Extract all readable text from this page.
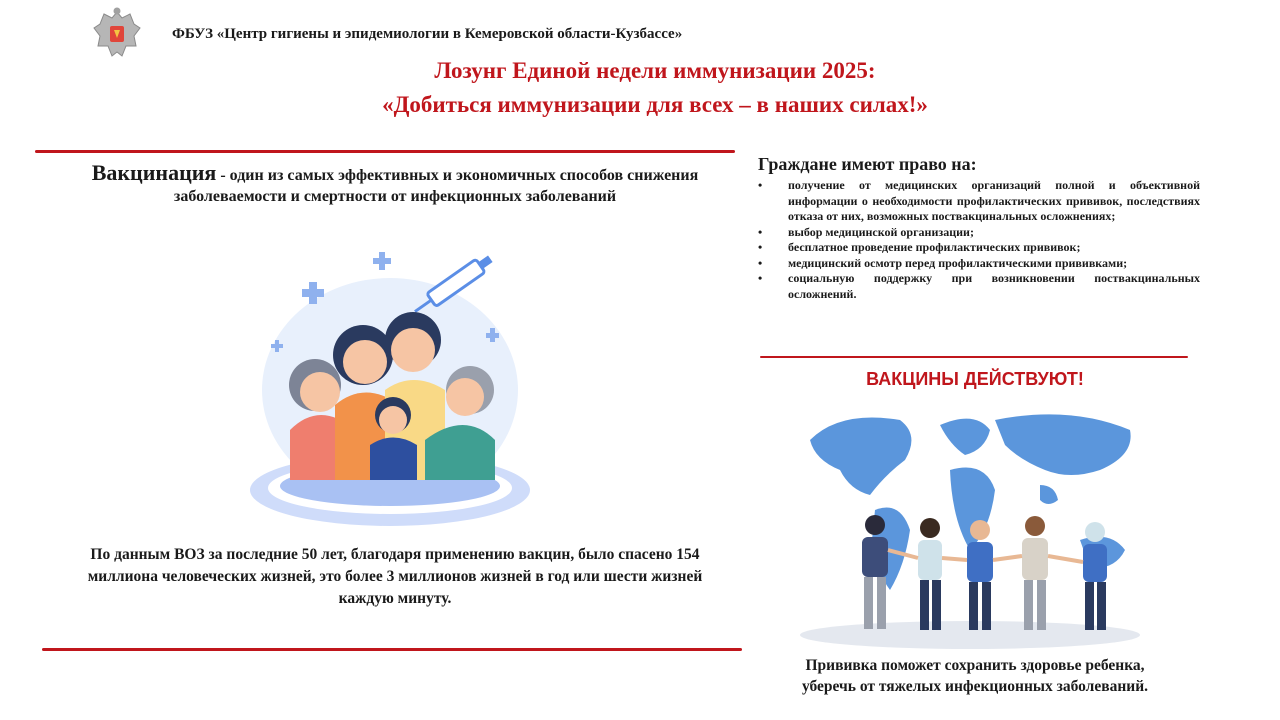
ФБУЗ «Центр гигиены и эпидемиологии в Кемеровской области-Кузбассе»
Лозунг Единой недели иммунизации 2025:
«Добиться иммунизации для всех – в наших силах!»
Вакцинация - один из самых эффективных и экономичных способов снижения заболеваемости и смертности от инфекционных заболеваний
По данным ВОЗ за последние 50 лет, благодаря применению вакцин, было спасено 154 миллиона человеческих жизней, это более 3 миллионов жизней в год или шести жизней каждую минуту.
Граждане имеют право на:
• получение от медицинских организаций полной и объективной информации о необходимости профилактических прививок, последствиях отказа от них, возможных поствакцинальных осложнениях;
• выбор медицинской организации;
• бесплатное проведение профилактических прививок;
• медицинский осмотр перед профилактическими прививками;
• социальную поддержку при возникновении поствакцинальных осложнений.
ВАКЦИНЫ ДЕЙСТВУЮТ!
Прививка поможет сохранить здоровье ребенка,
уберечь от тяжелых инфекционных заболеваний.
